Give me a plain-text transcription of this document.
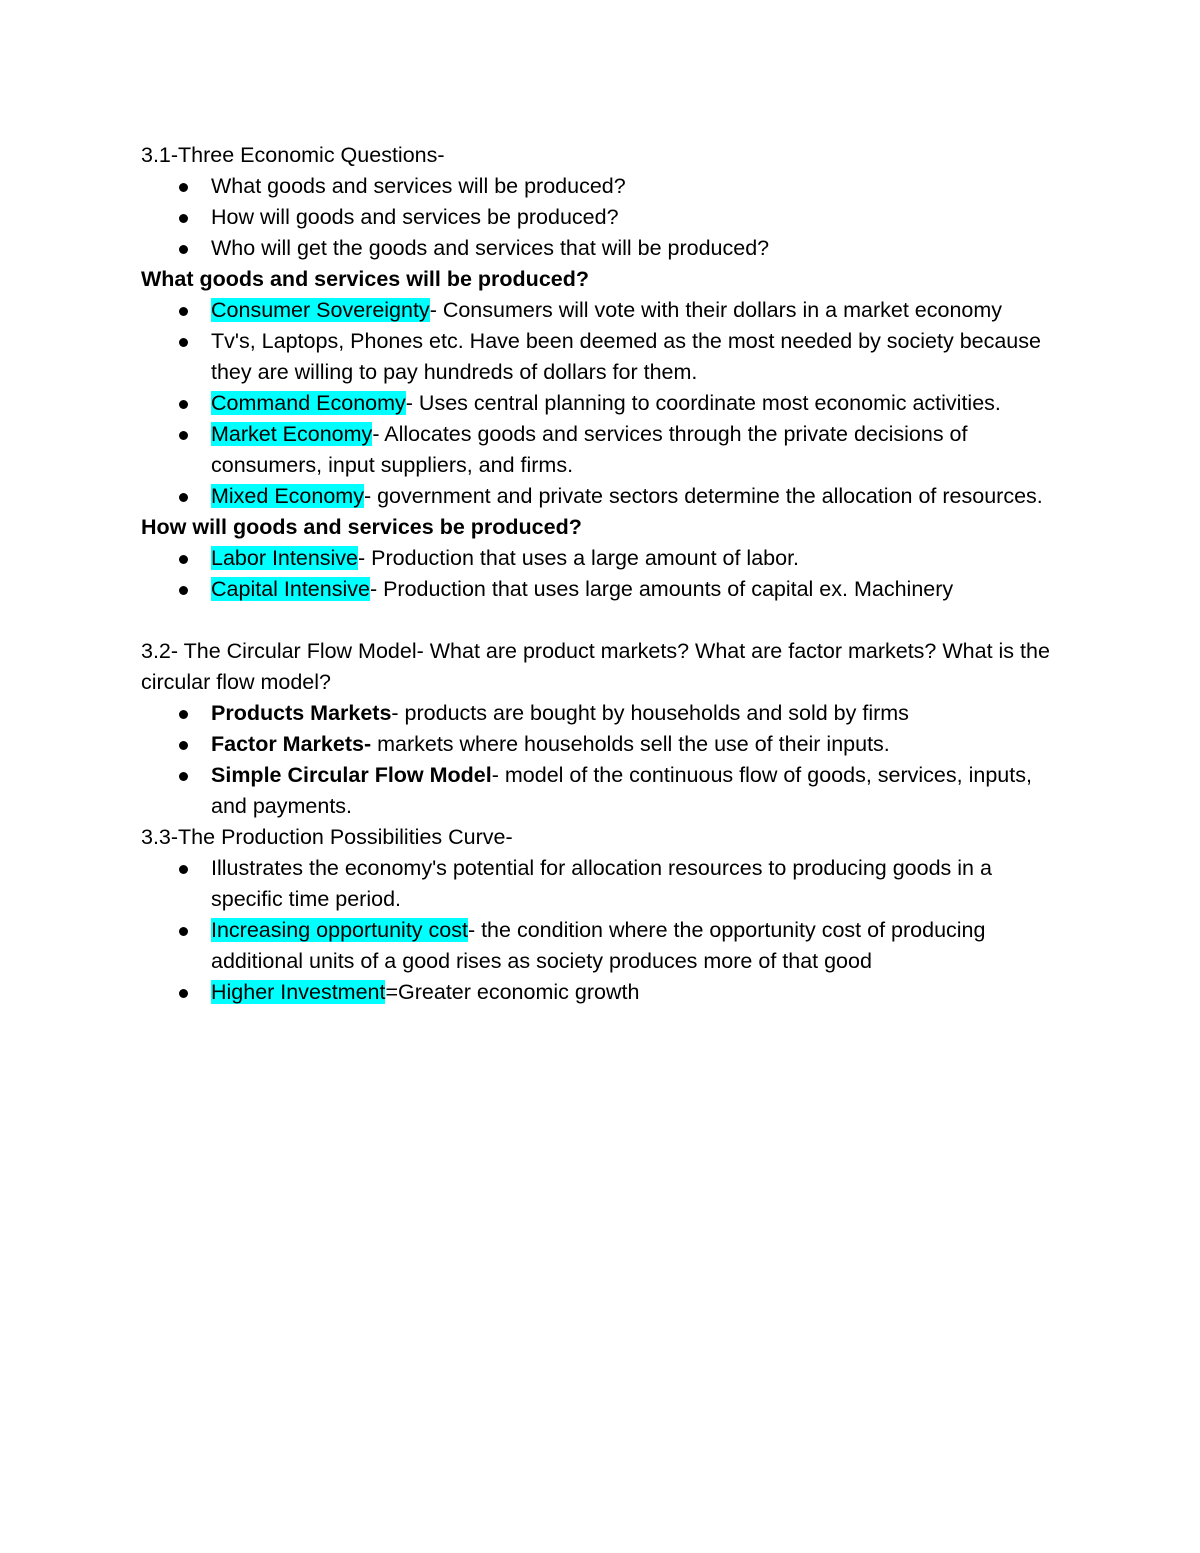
3.1-Three Economic Questions-

What goods and services will be produced?
How will goods and services be produced?
Who will get the goods and services that will be produced?

What goods and services will be produced?

Consumer Sovereignty- Consumers will vote with their dollars in a market economy
Tv's, Laptops, Phones etc. Have been deemed as the most needed by society because they are willing to pay hundreds of dollars for them.
Command Economy- Uses central planning to coordinate most economic activities.
Market Economy- Allocates goods and services through the private decisions of consumers, input suppliers, and firms.
Mixed Economy- government and private sectors determine the allocation of resources.

How will goods and services be produced?

Labor Intensive- Production that uses a large amount of labor.
Capital Intensive- Production that uses large amounts of capital ex. Machinery

3.2- The Circular Flow Model- What are product markets? What are factor markets? What is the circular flow model?

Products Markets- products are bought by households and sold by firms
Factor Markets- markets where households sell the use of their inputs.
Simple Circular Flow Model- model of the continuous flow of goods, services, inputs, and payments.

3.3-The Production Possibilities Curve-

Illustrates the economy's potential for allocation resources to producing goods in a specific time period.
Increasing opportunity cost- the condition where the opportunity cost of producing additional units of a good rises as society produces more of that good
Higher Investment=Greater economic growth
